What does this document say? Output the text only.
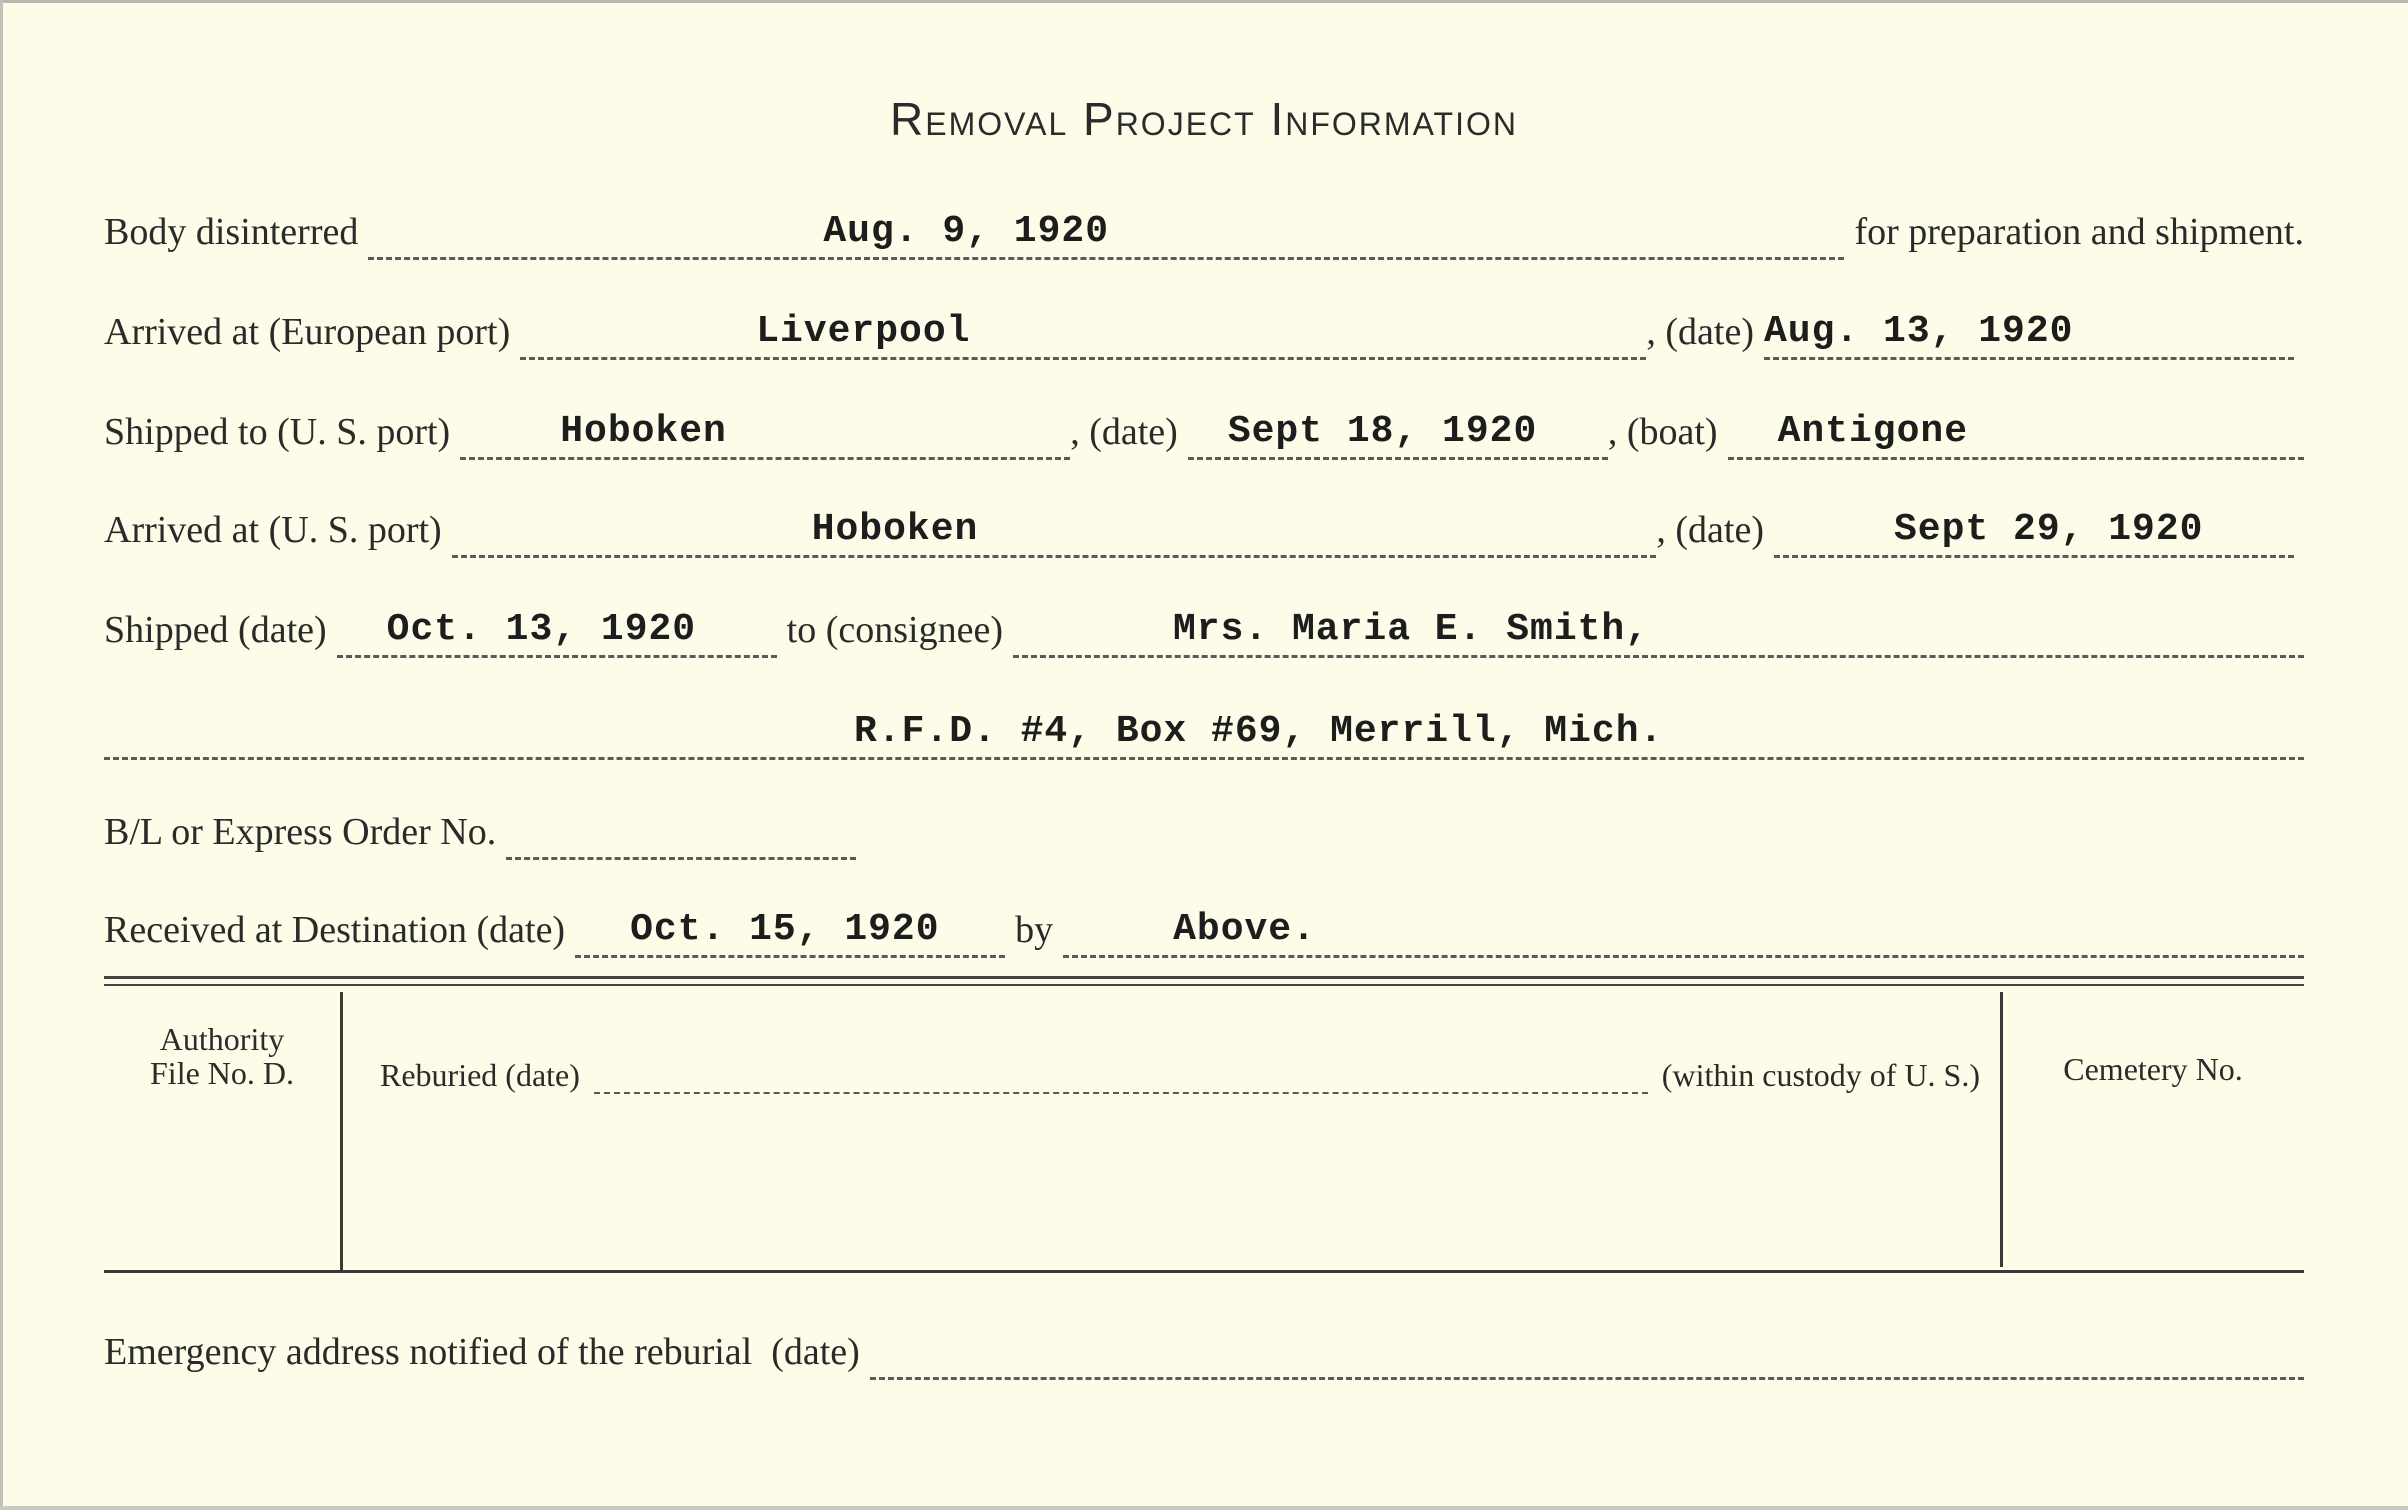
Removal Project Information
Body disinterred	Aug. 9, 1920	for preparation and shipment.
Arrived at (European port)	Liverpool	, (date) Aug. 13, 1920
Shipped to (U. S. port)	Hoboken	, (date) Sept 18, 1920 , (boat) Antigone
Arrived at (U. S. port)	Hoboken	, (date)	Sept 29, 1920
Shipped (date) Oct. 13, 1920 to (consignee)	Mrs. Maria E. Smith,
R.F.D. #4, Box #69, Merrill, Mich.
B/L or Express Order No.
Received at Destination (date) Oct. 15, 1920 by	Above.
Authority
File No. D.	Reburied (date)	(within custody of U. S.)	Cemetery No.
Emergency address notified of the reburial  (date)
